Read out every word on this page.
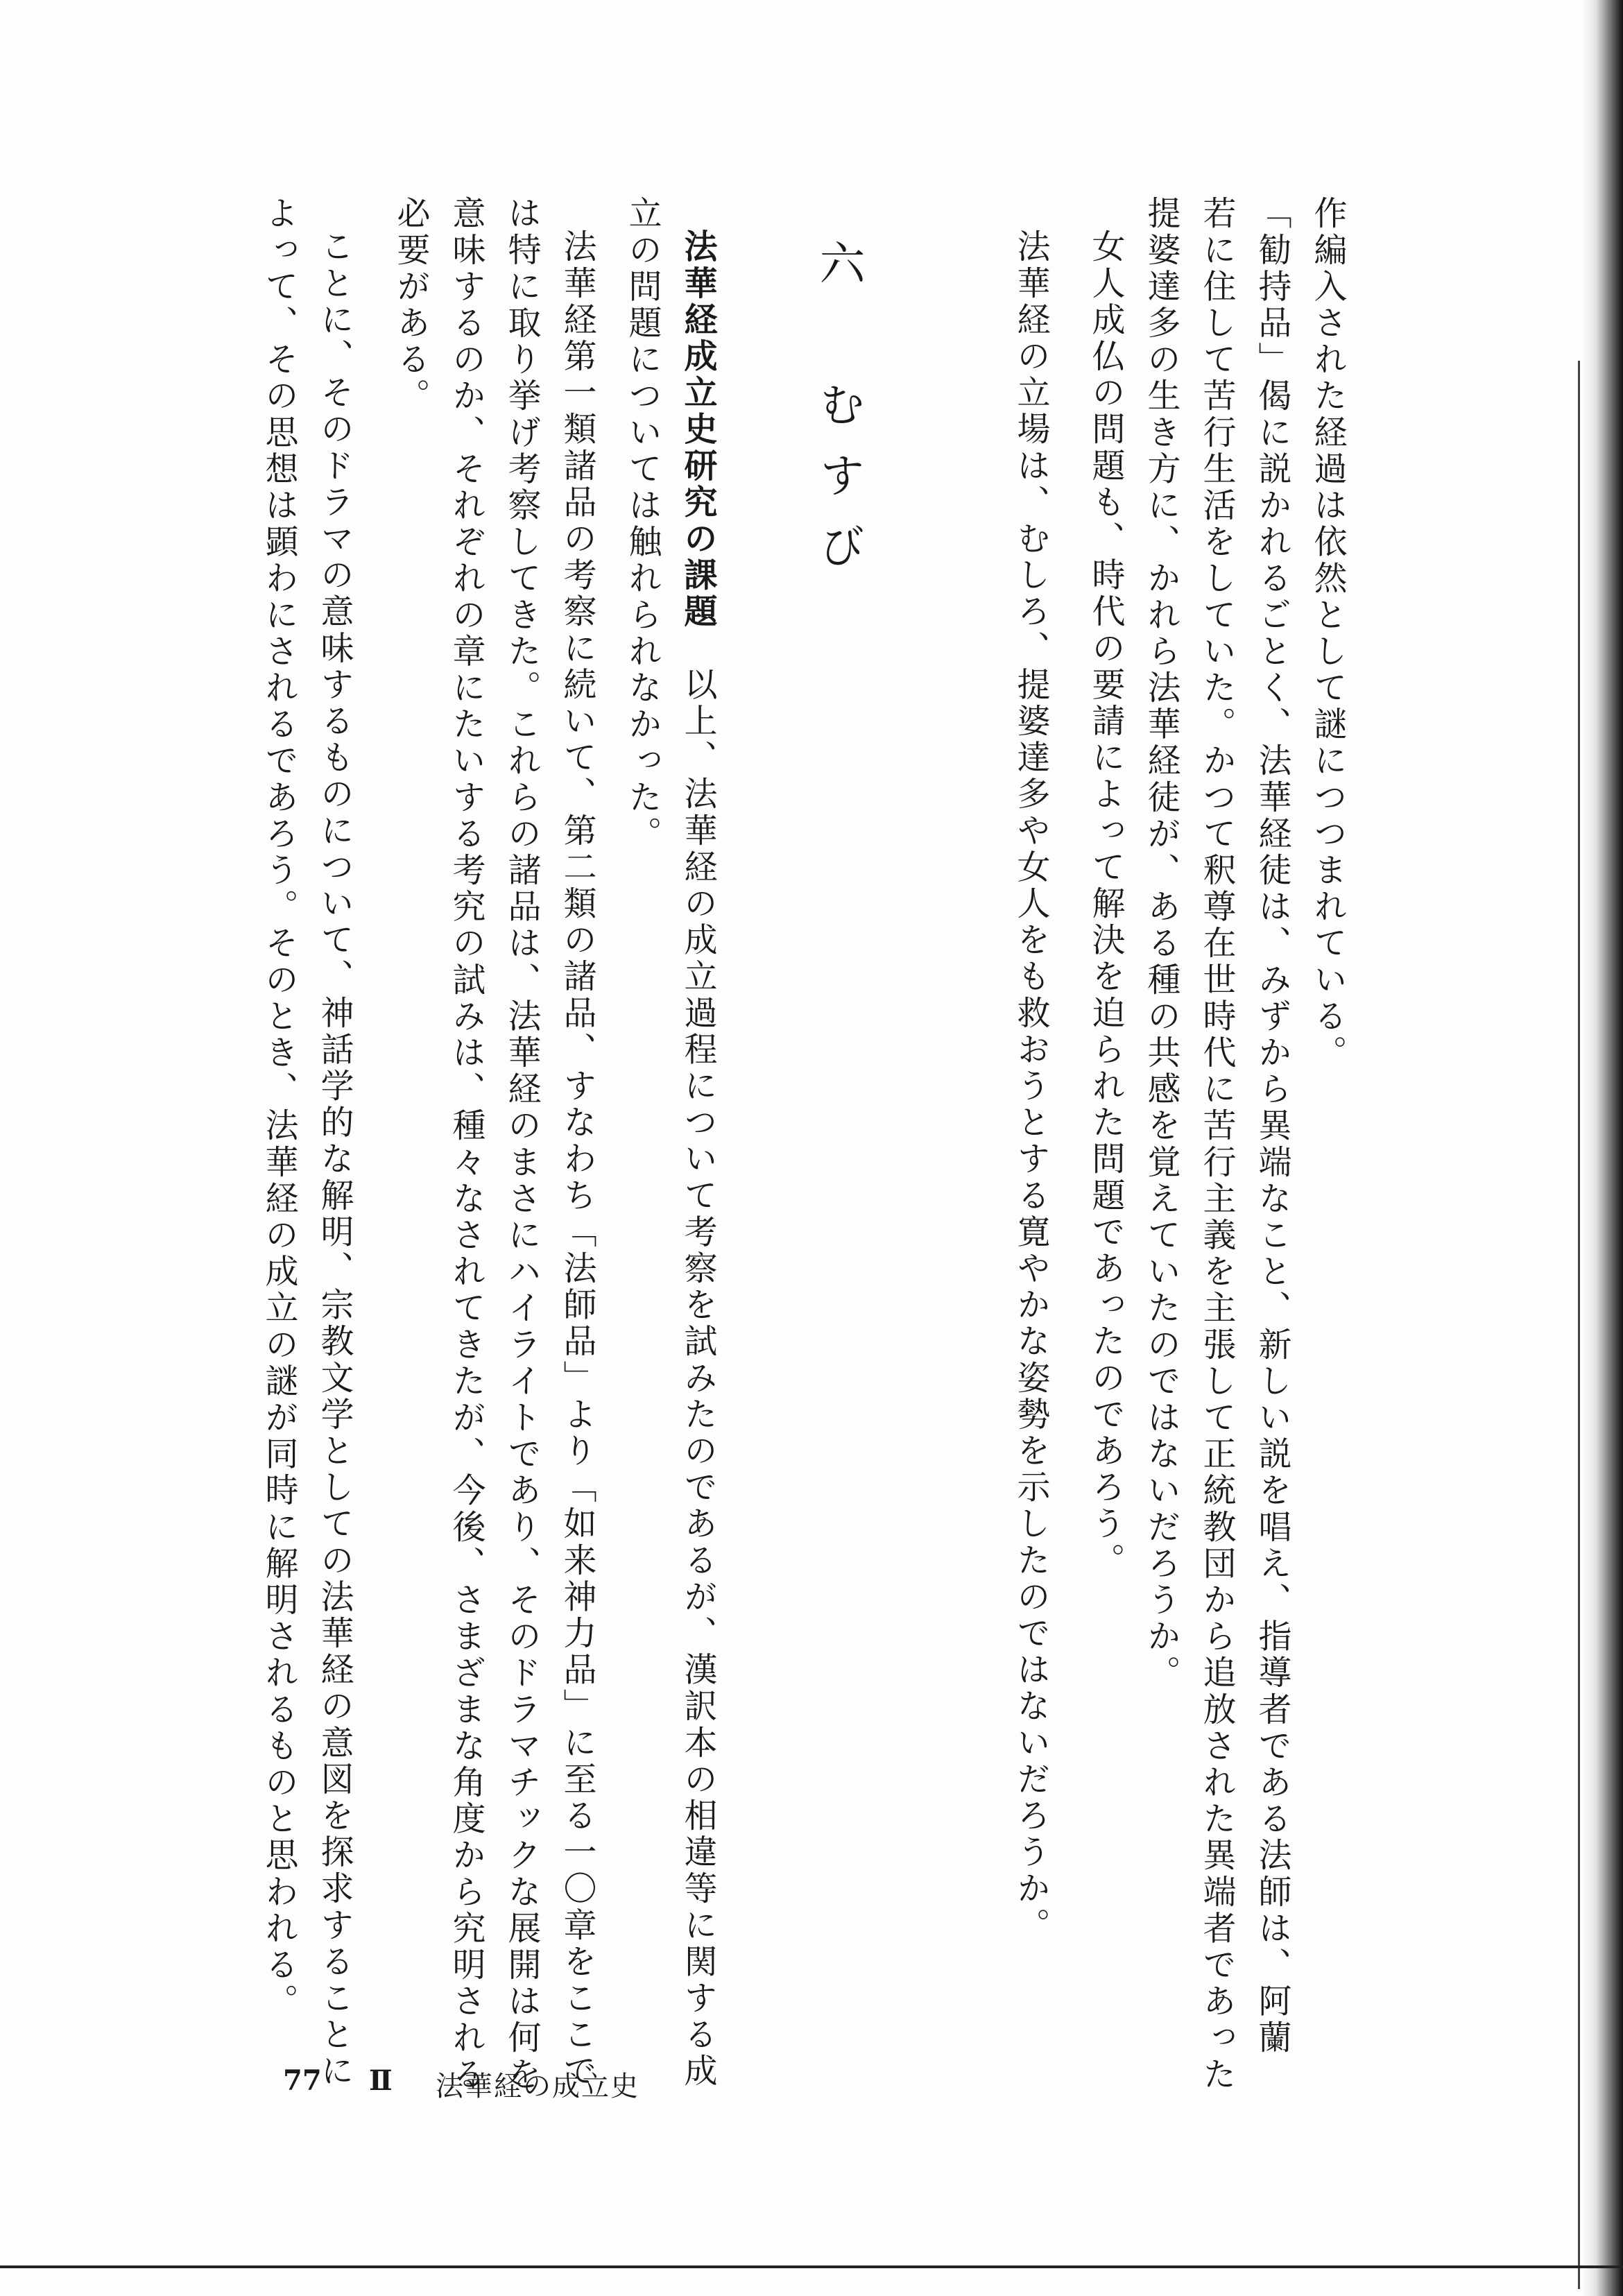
作編入された経過は依然として謎につつまれている。
「勧持品」偈に説かれるごとく、法華経徒は、みずから異端なこと、新しい説を唱え、指導者である法師は、阿蘭
若に住して苦行生活をしていた。かつて釈尊在世時代に苦行主義を主張して正統教団から追放された異端者であった
提婆達多の生き方に、かれら法華経徒が、ある種の共感を覚えていたのではないだろうか。
女人成仏の問題も、時代の要請によって解決を迫られた問題であったのであろう。
法華経の立場は、むしろ、提婆達多や女人をも救おうとする寛やかな姿勢を示したのではないだろうか。
六　むすび
法華経成立史研究の課題　以上、法華経の成立過程について考察を試みたのであるが、漢訳本の相違等に関する成
立の問題については触れられなかった。
法華経第一類諸品の考察に続いて、第二類の諸品、すなわち「法師品」より「如来神力品」に至る一〇章をここで
は特に取り挙げ考察してきた。これらの諸品は、法華経のまさにハイライトであり、そのドラマチックな展開は何を
意味するのか、それぞれの章にたいする考究の試みは、種々なされてきたが、今後、さまざまな角度から究明される
必要がある。
ことに、そのドラマの意味するものについて、神話学的な解明、宗教文学としての法華経の意図を探求することに
よって、その思想は顕わにされるであろう。そのとき、法華経の成立の謎が同時に解明されるものと思われる。
77 Ⅱ 法華経の成立史
